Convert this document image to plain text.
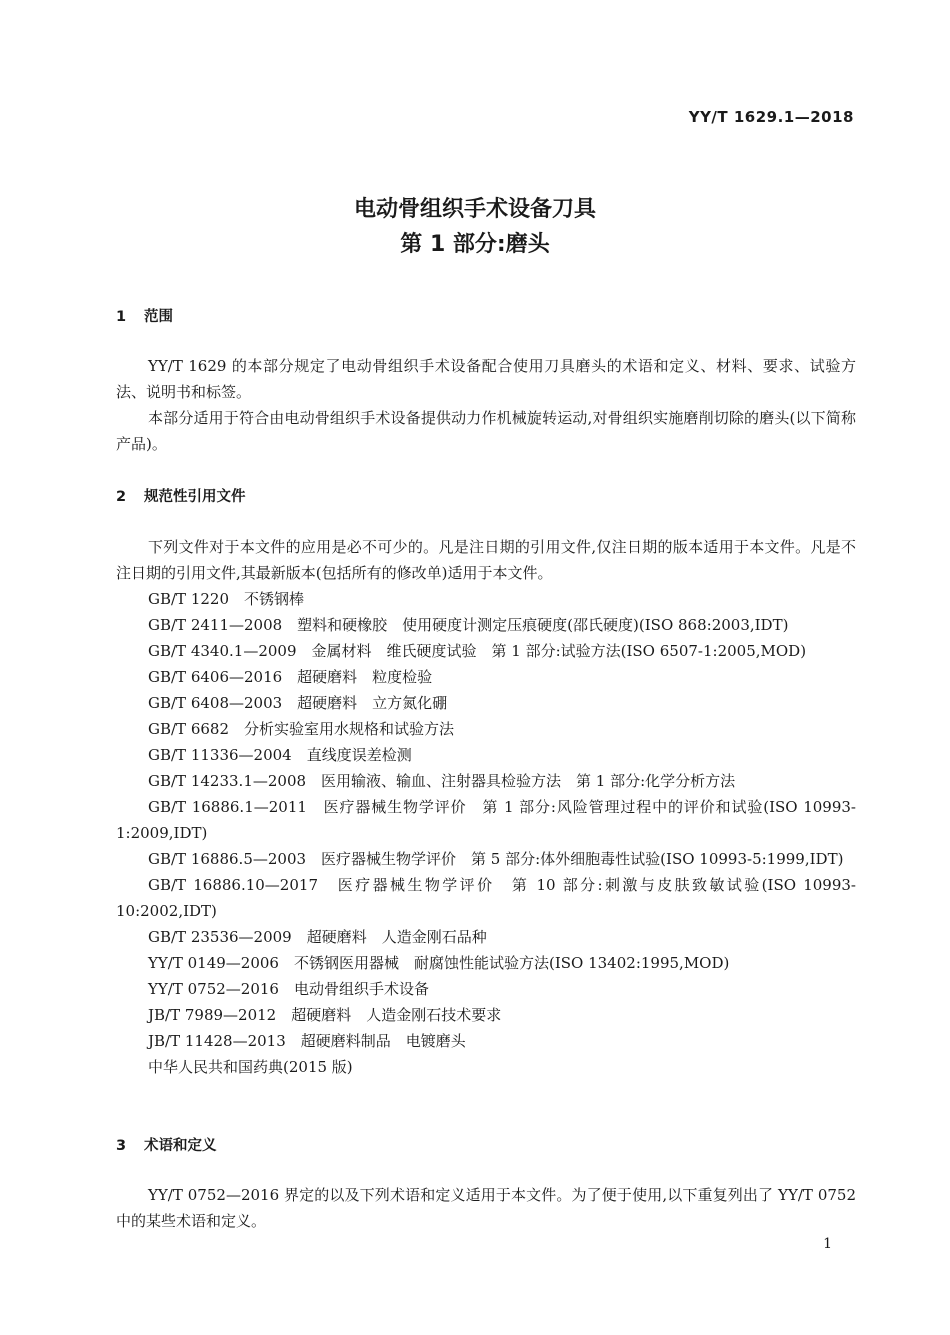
YY/T 1629.1—2018
电动骨组织手术设备刀具
第 1 部分:磨头
1 范围
YY/T 1629 的本部分规定了电动骨组织手术设备配合使用刀具磨头的术语和定义、材料、要求、试验方法、说明书和标签。
本部分适用于符合由电动骨组织手术设备提供动力作机械旋转运动,对骨组织实施磨削切除的磨头(以下简称产品)。
2 规范性引用文件
下列文件对于本文件的应用是必不可少的。凡是注日期的引用文件,仅注日期的版本适用于本文件。凡是不注日期的引用文件,其最新版本(包括所有的修改单)适用于本文件。
GB/T 1220　不锈钢棒
GB/T 2411—2008　塑料和硬橡胶　使用硬度计测定压痕硬度(邵氏硬度)(ISO 868:2003,IDT)
GB/T 4340.1—2009　金属材料　维氏硬度试验　第 1 部分:试验方法(ISO 6507-1:2005,MOD)
GB/T 6406—2016　超硬磨料　粒度检验
GB/T 6408—2003　超硬磨料　立方氮化硼
GB/T 6682　分析实验室用水规格和试验方法
GB/T 11336—2004　直线度误差检测
GB/T 14233.1—2008　医用输液、输血、注射器具检验方法　第 1 部分:化学分析方法
GB/T 16886.1—2011　医疗器械生物学评价　第 1 部分:风险管理过程中的评价和试验(ISO 10993-1:2009,IDT)
GB/T 16886.5—2003　医疗器械生物学评价　第 5 部分:体外细胞毒性试验(ISO 10993-5:1999,IDT)
GB/T 16886.10—2017　医疗器械生物学评价　第 10 部分:刺激与皮肤致敏试验(ISO 10993-10:2002,IDT)
GB/T 23536—2009　超硬磨料　人造金刚石品种
YY/T 0149—2006　不锈钢医用器械　耐腐蚀性能试验方法(ISO 13402:1995,MOD)
YY/T 0752—2016　电动骨组织手术设备
JB/T 7989—2012　超硬磨料　人造金刚石技术要求
JB/T 11428—2013　超硬磨料制品　电镀磨头
中华人民共和国药典(2015 版)
3 术语和定义
YY/T 0752—2016 界定的以及下列术语和定义适用于本文件。为了便于使用,以下重复列出了 YY/T 0752 中的某些术语和定义。
1
